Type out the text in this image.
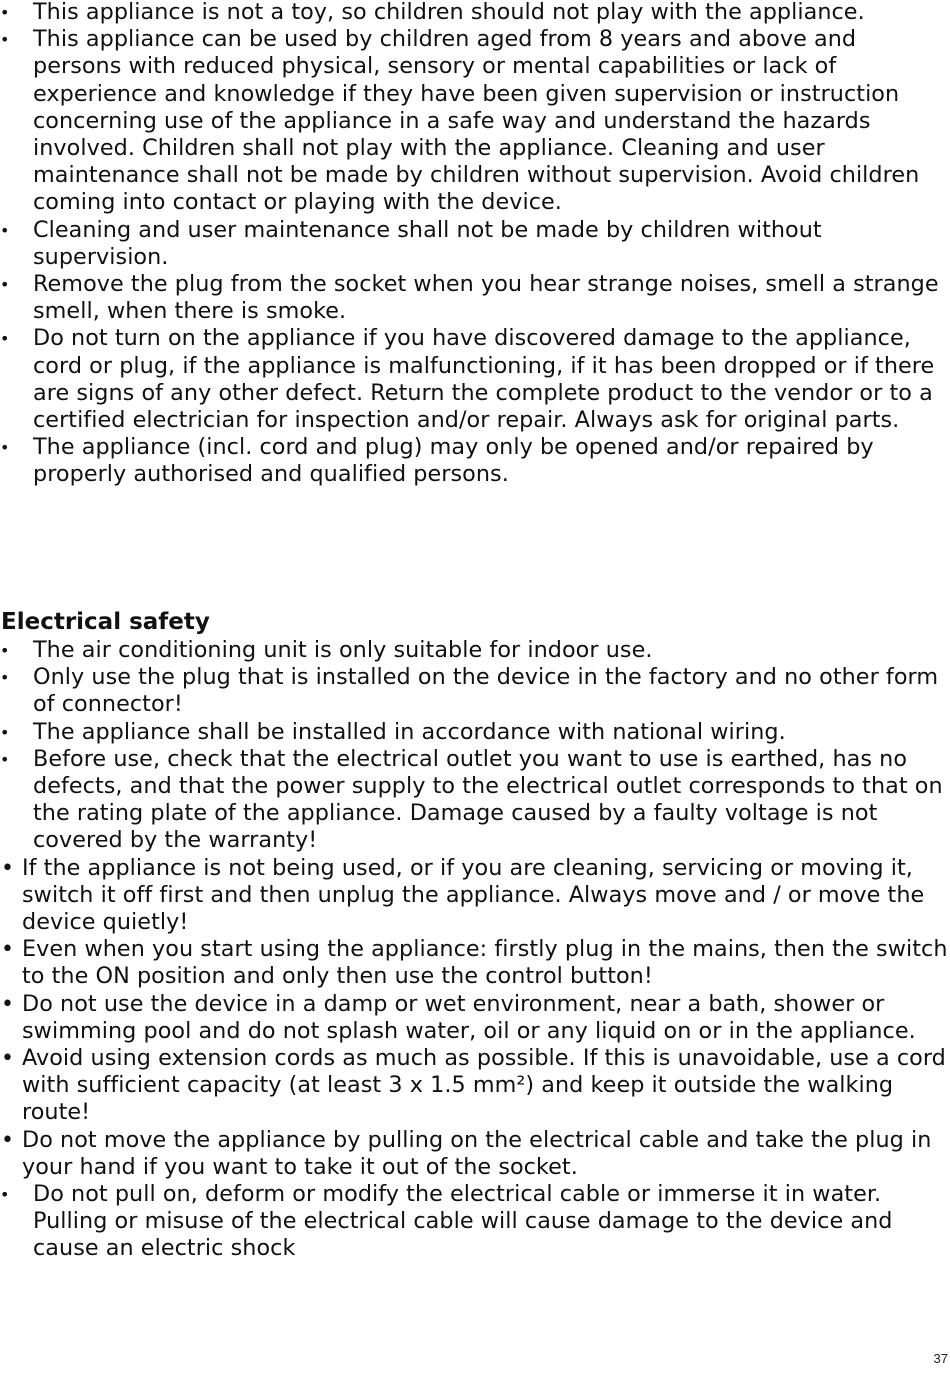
• This appliance is not a toy, so children should not play with the appliance.
• This appliance can be used by children aged from 8 years and above and persons with reduced physical, sensory or mental capabilities or lack of experience and knowledge if they have been given supervision or instruction concerning use of the appliance in a safe way and understand the hazards involved. Children shall not play with the appliance. Cleaning and user maintenance shall not be made by children without supervision. Avoid children coming into contact or playing with the device.
• Cleaning and user maintenance shall not be made by children without supervision.
• Remove the plug from the socket when you hear strange noises, smell a strange smell, when there is smoke.
• Do not turn on the appliance if you have discovered damage to the appliance, cord or plug, if the appliance is malfunctioning, if it has been dropped or if there are signs of any other defect. Return the complete product to the vendor or to a certified electrician for inspection and/or repair. Always ask for original parts.
• The appliance (incl. cord and plug) may only be opened and/or repaired by properly authorised and qualified persons.
Electrical safety
• The air conditioning unit is only suitable for indoor use.
• Only use the plug that is installed on the device in the factory and no other form of connector!
• The appliance shall be installed in accordance with national wiring.
• Before use, check that the electrical outlet you want to use is earthed, has no defects, and that the power supply to the electrical outlet corresponds to that on the rating plate of the appliance. Damage caused by a faulty voltage is not covered by the warranty!
• If the appliance is not being used, or if you are cleaning, servicing or moving it, switch it off first and then unplug the appliance. Always move and / or move the device quietly!
• Even when you start using the appliance: firstly plug in the mains, then the switch to the ON position and only then use the control button!
• Do not use the device in a damp or wet environment, near a bath, shower or swimming pool and do not splash water, oil or any liquid on or in the appliance.
• Avoid using extension cords as much as possible. If this is unavoidable, use a cord with sufficient capacity (at least 3 x 1.5 mm²) and keep it outside the walking route!
• Do not move the appliance by pulling on the electrical cable and take the plug in your hand if you want to take it out of the socket.
• Do not pull on, deform or modify the electrical cable or immerse it in water. Pulling or misuse of the electrical cable will cause damage to the device and cause an electric shock
37
